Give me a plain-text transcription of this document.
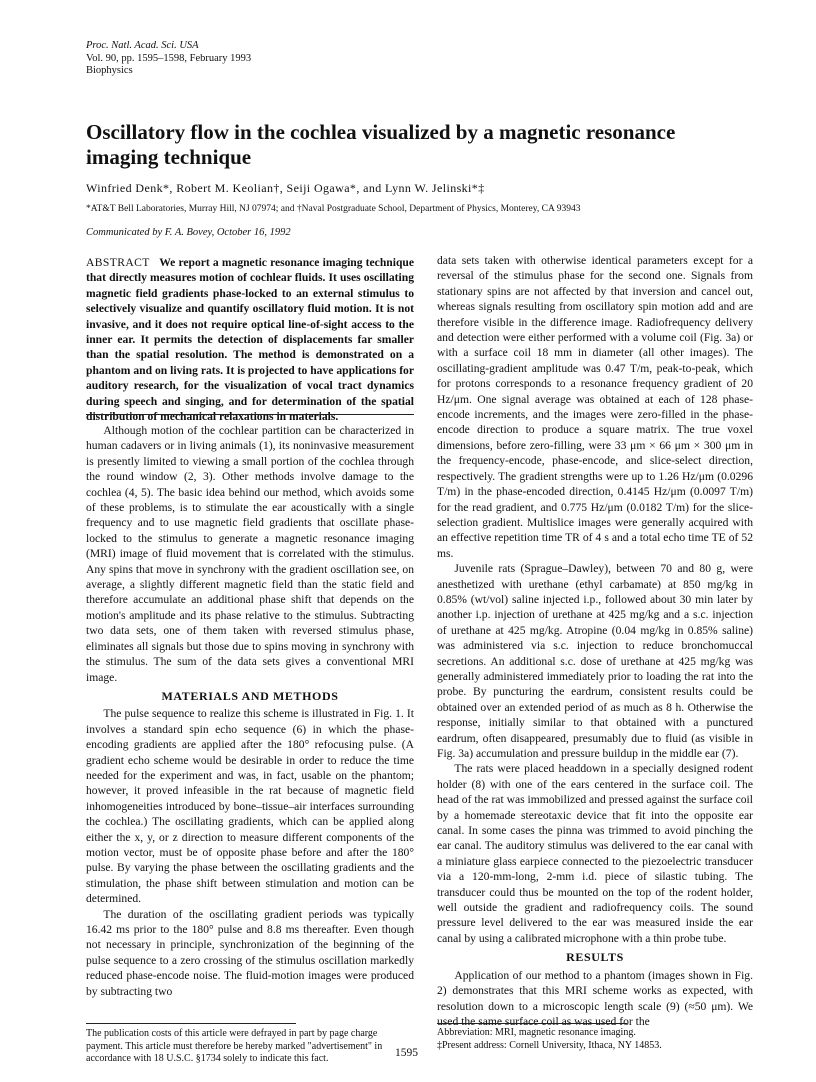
Proc. Natl. Acad. Sci. USA
Vol. 90, pp. 1595–1598, February 1993
Biophysics
Oscillatory flow in the cochlea visualized by a magnetic resonance imaging technique
Winfried Denk*, Robert M. Keolian†, Seiji Ogawa*, and Lynn W. Jelinski*‡
*AT&T Bell Laboratories, Murray Hill, NJ 07974; and †Naval Postgraduate School, Department of Physics, Monterey, CA 93943
Communicated by F. A. Bovey, October 16, 1992
ABSTRACT We report a magnetic resonance imaging technique that directly measures motion of cochlear fluids. It uses oscillating magnetic field gradients phase-locked to an external stimulus to selectively visualize and quantify oscillatory fluid motion. It is not invasive, and it does not require optical line-of-sight access to the inner ear. It permits the detection of displacements far smaller than the spatial resolution. The method is demonstrated on a phantom and on living rats. It is projected to have applications for auditory research, for the visualization of vocal tract dynamics during speech and singing, and for determination of the spatial distribution of mechanical relaxations in materials.

Although motion of the cochlear partition can be characterized in human cadavers or in living animals (1), its noninvasive measurement is presently limited to viewing a small portion of the cochlea through the round window (2, 3). Other methods involve damage to the cochlea (4, 5). The basic idea behind our method, which avoids some of these problems, is to stimulate the ear acoustically with a single frequency and to use magnetic field gradients that oscillate phase-locked to the stimulus to generate a magnetic resonance imaging (MRI) image of fluid movement that is correlated with the stimulus. Any spins that move in synchrony with the gradient oscillation see, on average, a slightly different magnetic field than the static field and therefore accumulate an additional phase shift that depends on the motion's amplitude and its phase relative to the stimulus. Subtracting two data sets, one of them taken with reversed stimulus phase, eliminates all signals but those due to spins moving in synchrony with the stimulus. The sum of the data sets gives a conventional MRI image.

MATERIALS AND METHODS

The pulse sequence to realize this scheme is illustrated in Fig. 1. It involves a standard spin echo sequence (6) in which the phase-encoding gradients are applied after the 180° refocusing pulse. (A gradient echo scheme would be desirable in order to reduce the time needed for the experiment and was, in fact, usable on the phantom; however, it proved infeasible in the rat because of magnetic field inhomogeneities introduced by bone–tissue–air interfaces surrounding the cochlea.) The oscillating gradients, which can be applied along either the x, y, or z direction to measure different components of the motion vector, must be of opposite phase before and after the 180° pulse. By varying the phase between the oscillating gradients and the stimulation, the phase shift between stimulation and motion can be determined.

The duration of the oscillating gradient periods was typically 16.42 ms prior to the 180° pulse and 8.8 ms thereafter. Even though not necessary in principle, synchronization of the beginning of the pulse sequence to a zero crossing of the stimulus oscillation markedly reduced phase-encode noise. The fluid-motion images were produced by subtracting two

The publication costs of this article were defrayed in part by page charge payment. This article must therefore be hereby marked "advertisement" in accordance with 18 U.S.C. §1734 solely to indicate this fact.

data sets taken with otherwise identical parameters except for a reversal of the stimulus phase for the second one. Signals from stationary spins are not affected by that inversion and cancel out, whereas signals resulting from oscillatory spin motion add and are therefore visible in the difference image. Radiofrequency delivery and detection were either performed with a volume coil (Fig. 3a) or with a surface coil 18 mm in diameter (all other images). The oscillating-gradient amplitude was 0.47 T/m, peak-to-peak, which for protons corresponds to a resonance frequency gradient of 20 Hz/μm. One signal average was obtained at each of 128 phase-encode increments, and the images were zero-filled in the phase-encode direction to produce a square matrix. The true voxel dimensions, before zero-filling, were 33 μm × 66 μm × 300 μm in the frequency-encode, phase-encode, and slice-select direction, respectively. The gradient strengths were up to 1.26 Hz/μm (0.0296 T/m) in the phase-encoded direction, 0.4145 Hz/μm (0.0097 T/m) for the read gradient, and 0.775 Hz/μm (0.0182 T/m) for the slice-selection gradient. Multislice images were generally acquired with an effective repetition time TR of 4 s and a total echo time TE of 52 ms.

Juvenile rats (Sprague–Dawley), between 70 and 80 g, were anesthetized with urethane (ethyl carbamate) at 850 mg/kg in 0.85% (wt/vol) saline injected i.p., followed about 30 min later by another i.p. injection of urethane at 425 mg/kg and a s.c. injection of urethane at 425 mg/kg. Atropine (0.04 mg/kg in 0.85% saline) was administered via s.c. injection to reduce bronchomuccal secretions. An additional s.c. dose of urethane at 425 mg/kg was generally administered immediately prior to loading the rat into the probe. By puncturing the eardrum, consistent results could be obtained over an extended period of as much as 8 h. Otherwise the response, initially similar to that obtained with a punctured eardrum, often disappeared, presumably due to fluid (as visible in Fig. 3a) accumulation and pressure buildup in the middle ear (7).

The rats were placed headdown in a specially designed rodent holder (8) with one of the ears centered in the surface coil. The head of the rat was immobilized and pressed against the surface coil by a homemade stereotaxic device that fit into the opposite ear canal. In some cases the pinna was trimmed to avoid pinching the ear canal. The auditory stimulus was delivered to the ear canal with a miniature glass earpiece connected to the piezoelectric transducer via a 120-mm-long, 2-mm i.d. piece of silastic tubing. The transducer could thus be mounted on the top of the rodent holder, well outside the gradient and radiofrequency coils. The sound pressure level delivered to the ear was measured inside the ear canal by using a calibrated microphone with a thin probe tube.

RESULTS

Application of our method to a phantom (images shown in Fig. 2) demonstrates that this MRI scheme works as expected, with resolution down to a microscopic length scale (9) (≈50 μm). We used the same surface coil as was used for the

Abbreviation: MRI, magnetic resonance imaging.

‡Present address: Cornell University, Ithaca, NY 14853.

1595
